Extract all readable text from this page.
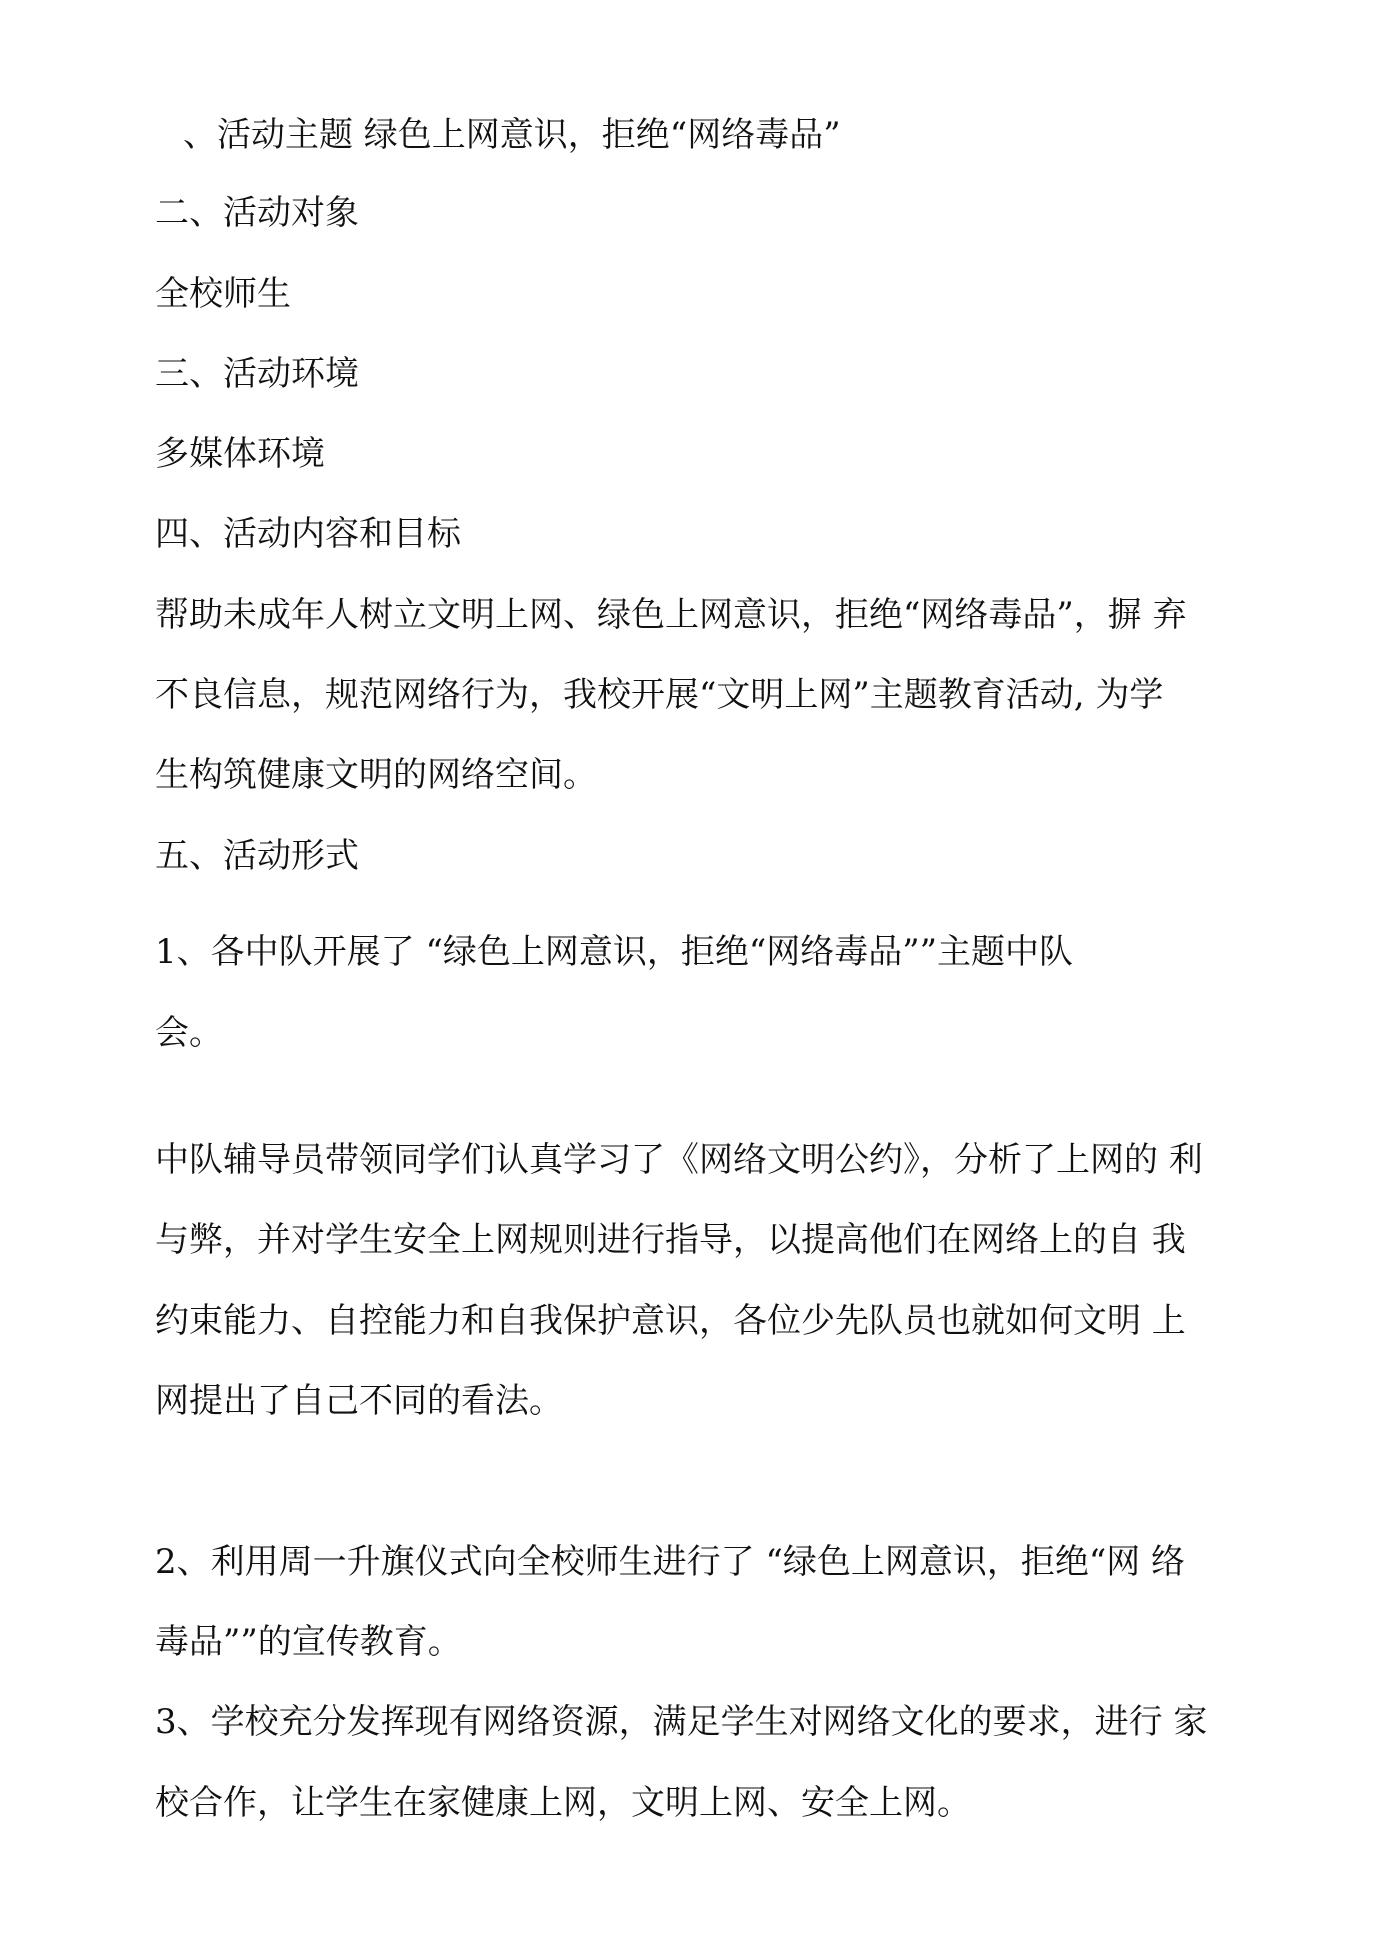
、活动主题 绿色上网意识，拒绝“网络毒品”
二、活动对象
全校师生
三、活动环境
多媒体环境
四、活动内容和目标
帮助未成年人树立文明上网、绿色上网意识，拒绝“网络毒品”，摒 弃
不良信息，规范网络行为，我校开展“文明上网”主题教育活动, 为学
生构筑健康文明的网络空间。
五、活动形式
1、各中队开展了 “绿色上网意识，拒绝“网络毒品””主题中队
会。
中队辅导员带领同学们认真学习了《网络文明公约》，分析了上网的 利
与弊，并对学生安全上网规则进行指导，以提高他们在网络上的自 我
约束能力、自控能力和自我保护意识，各位少先队员也就如何文明 上
网提出了自己不同的看法。
2、利用周一升旗仪式向全校师生进行了 “绿色上网意识，拒绝“网 络
毒品””的宣传教育。
3、学校充分发挥现有网络资源，满足学生对网络文化的要求，进行 家
校合作，让学生在家健康上网，文明上网、安全上网。
